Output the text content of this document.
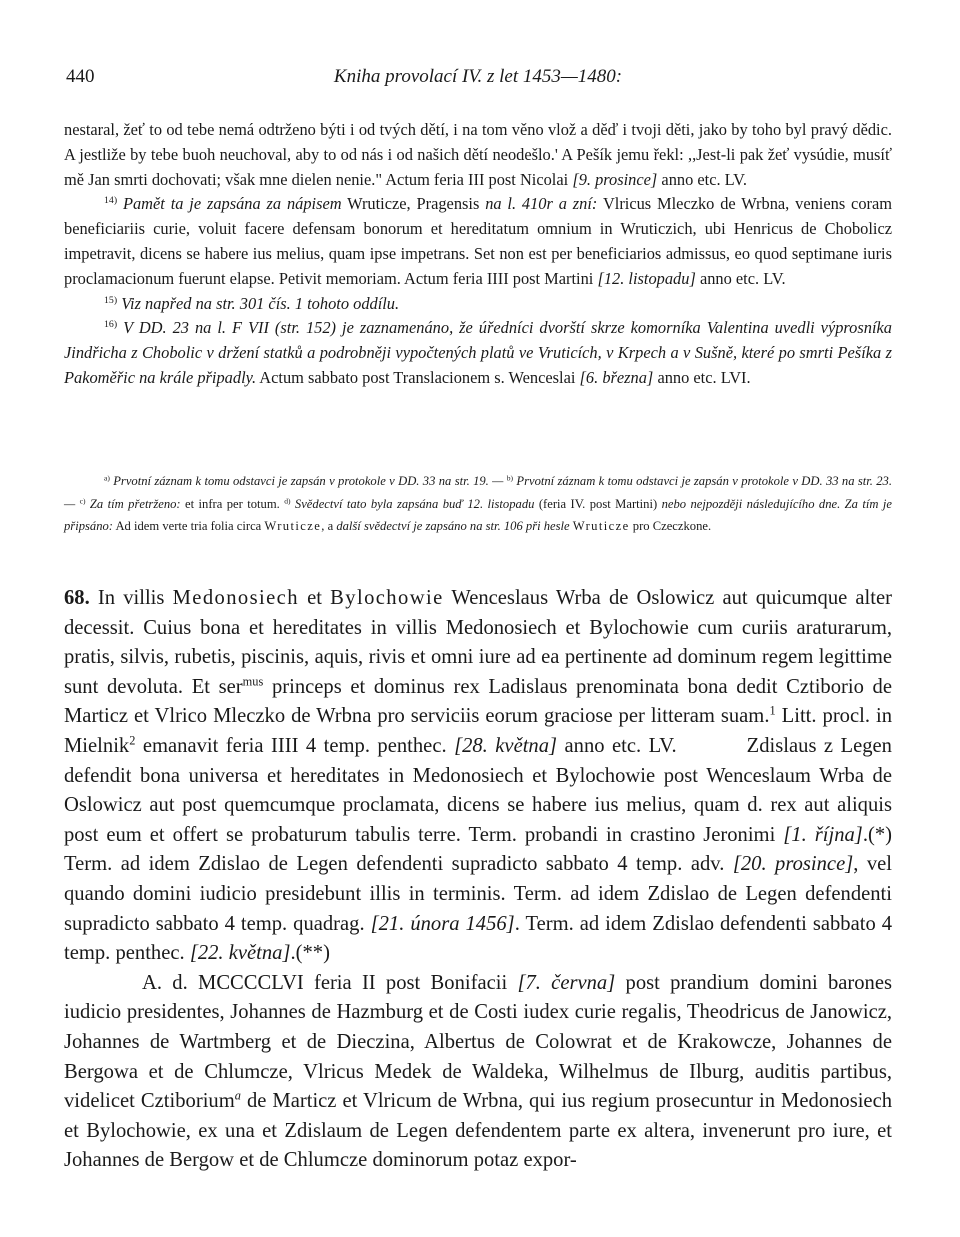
440	Kniha provolací IV. z let 1453—1480:

nestaral, žeť to od tebe nemá odtrženo býti i od tvých dětí, i na tom věno vlož a děď i tvoji děti, jako by toho byl pravý dědic. A jestliže by tebe buoh neuchoval, aby to od nás i od našich dětí neodešlo.' A Pešík jemu řekl: ,,Jest-li pak žeť vysúdie, musíť mě Jan smrti dochovati; však mne dielen nenie." Actum feria III post Nicolai [9. prosince] anno etc. LV.

$^{14)}$ Pamět ta je zapsána za nápisem Wruticze, Pragensis na l. 410r a zní: Vlricus Mleczko de Wrbna, veniens coram beneficiariis curie, voluit facere defensam bonorum et hereditatum omnium in Wruticzich, ubi Henricus de Chobolicz impetravit, dicens se habere ius melius, quam ipse impetrans. Set non est per beneficiarios admissus, eo quod septimane iuris proclamacionum fuerunt elapse. Petivit memoriam. Actum feria IIII post Martini [12. listopadu] anno etc. LV.

$^{15)}$ Viz napřed na str. 301 čís. 1 tohoto oddílu.

$^{16)}$ V DD. 23 na l. F VII (str. 152) je zaznamenáno, že úředníci dvorští skrze komorníka Valentina uvedli výprosníka Jindřicha z Chobolic v držení statků a podrobněji vypočtených platů ve Vruticích, v Krpech a v Sušně, které po smrti Pešíka z Pakoměřic na krále připadly. Actum sabbato post Translacionem s. Wenceslai [6. března] anno etc. LVI.

$^{a)}$ Prvotní záznam k tomu odstavci je zapsán v protokole v DD. 33 na str. 19. — $^{b)}$ Prvotní záznam k tomu odstavci je zapsán v protokole v DD. 33 na str. 23. — $^{c)}$ Za tím přetrženo: et infra per totum. $^{d)}$ Svědectví tato byla zapsána buď 12. listopadu (feria IV. post Martini) nebo nejpozději následujícího dne. Za tím je připsáno: Ad idem verte tria folia circa Wruticze, a další svědectví je zapsáno na str. 106 při hesle Wruticze pro Czeczkone.

68. In villis Medonosiech et Bylochowie Wenceslaus Wrba de Oslowicz aut quicumque alter decessit. Cuius bona et hereditates in villis Medonosiech et Bylochowie cum curiis araturarum, pratis, silvis, rubetis, piscinis, aquis, rivis et omni iure ad ea pertinente ad dominum regem legittime sunt devoluta. Et ser$^{mus}$ princeps et dominus rex Ladislaus prenominata bona dedit Cztiborio de Marticz et Vlrico Mleczko de Wrbna pro serviciis eorum graciose per litteram suam.$^1$ Litt. procl. in Mielnik$^2$ emanavit feria IIII 4 temp. penthec. [28. května] anno etc. LV.	Zdislaus z Legen defendit bona universa et hereditates in Medonosiech et Bylochowie post Wenceslaum Wrba de Oslowicz aut post quemcumque proclamata, dicens se habere ius melius, quam d. rex aut aliquis post eum et offert se probaturum tabulis terre. Term. probandi in crastino Jeronimi [1. října].(*) Term. ad idem Zdislao de Legen defendenti supradicto sabbato 4 temp. adv. [20. prosince], vel quando domini iudicio presidebunt illis in terminis. Term. ad idem Zdislao de Legen defendenti supradicto sabbato 4 temp. quadrag. [21. února 1456]. Term. ad idem Zdislao defendenti sabbato 4 temp. penthec. [22. května].(**)

A. d. MCCCCLVI feria II post Bonifacii [7. června] post prandium domini barones iudicio presidentes, Johannes de Hazmburg et de Costi iudex curie regalis, Theodricus de Janowicz, Johannes de Wartmberg et de Dieczina, Albertus de Colowrat et de Krakowcze, Johannes de Bergowa et de Chlumcze, Vlricus Medek de Waldeka, Wilhelmus de Ilburg, auditis partibus, videlicet Cztiborium$^a$ de Marticz et Vlricum de Wrbna, qui ius regium prosecuntur in Medonosiech et Bylochowie, ex una et Zdislaum de Legen defendentem parte ex altera, invenerunt pro iure, et Johannes de Bergow et de Chlumcze dominorum potaz expor-
